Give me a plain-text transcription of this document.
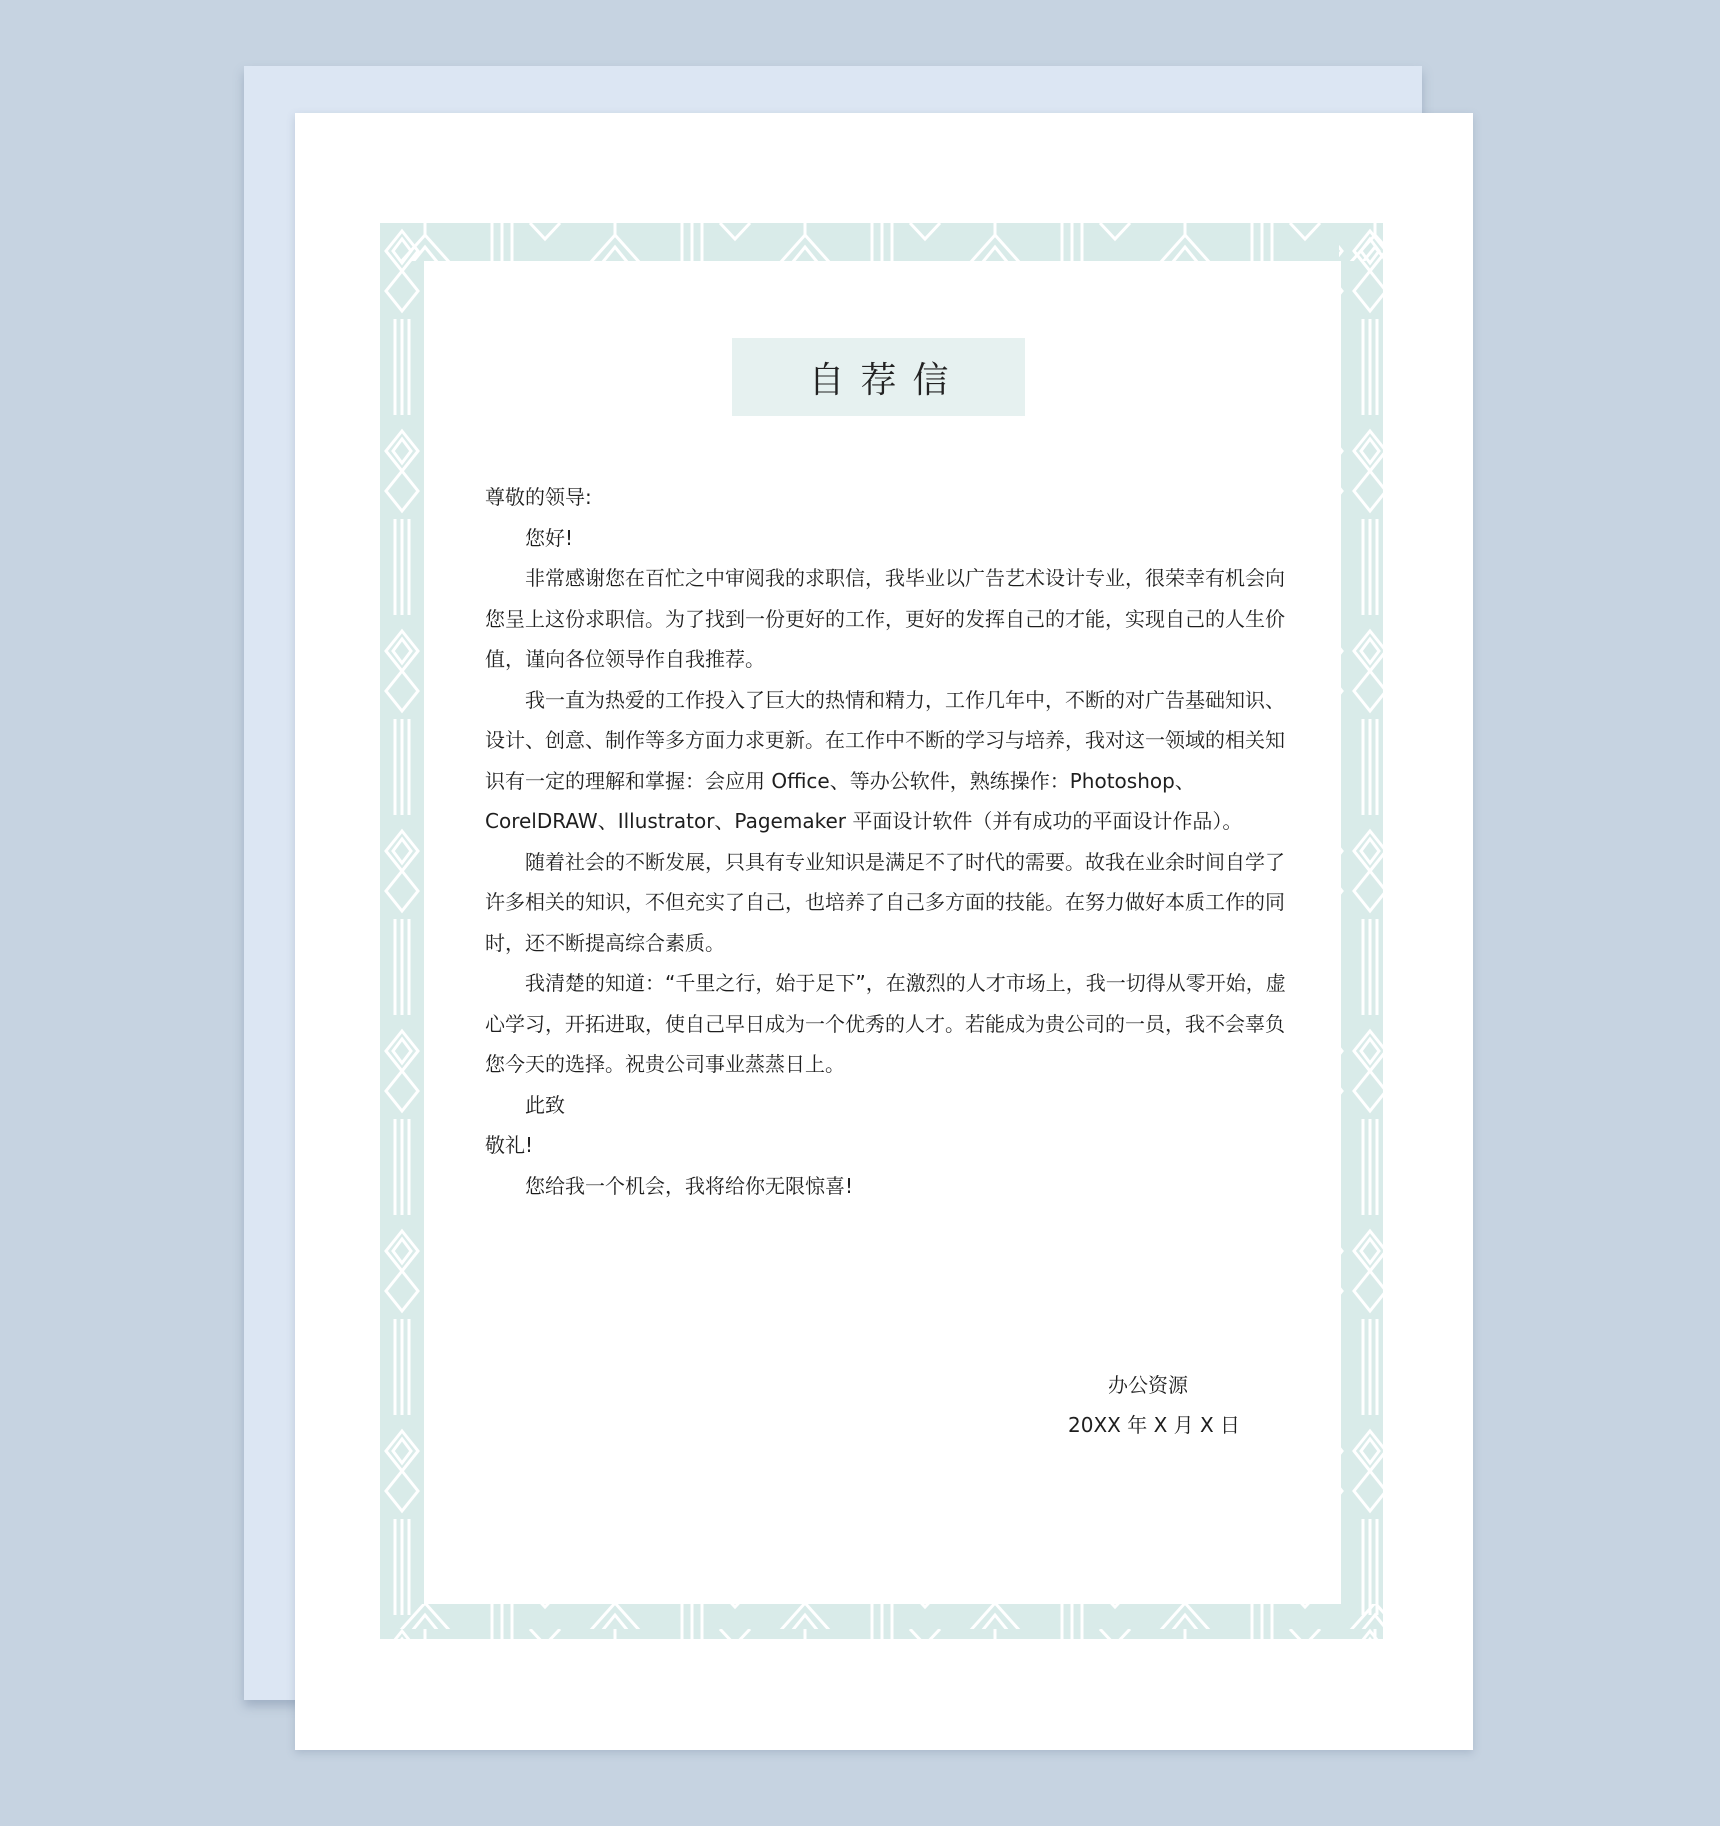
自荐信

尊敬的领导:

您好!

非常感谢您在百忙之中审阅我的求职信，我毕业以广告艺术设计专业，很荣幸有机会向您呈上这份求职信。为了找到一份更好的工作，更好的发挥自己的才能，实现自己的人生价值，谨向各位领导作自我推荐。

我一直为热爱的工作投入了巨大的热情和精力，工作几年中，不断的对广告基础知识、设计、创意、制作等多方面力求更新。在工作中不断的学习与培养，我对这一领域的相关知识有一定的理解和掌握：会应用 Office、等办公软件，熟练操作：Photoshop、CorelDRAW、Illustrator、Pagemaker 平面设计软件（并有成功的平面设计作品）。

随着社会的不断发展，只具有专业知识是满足不了时代的需要。故我在业余时间自学了许多相关的知识，不但充实了自己，也培养了自己多方面的技能。在努力做好本质工作的同时，还不断提高综合素质。

我清楚的知道：“千里之行，始于足下”，在激烈的人才市场上，我一切得从零开始，虚心学习，开拓进取，使自己早日成为一个优秀的人才。若能成为贵公司的一员，我不会辜负您今天的选择。祝贵公司事业蒸蒸日上。

此致

敬礼!

您给我一个机会，我将给你无限惊喜!

办公资源
20XX 年 X 月 X 日
